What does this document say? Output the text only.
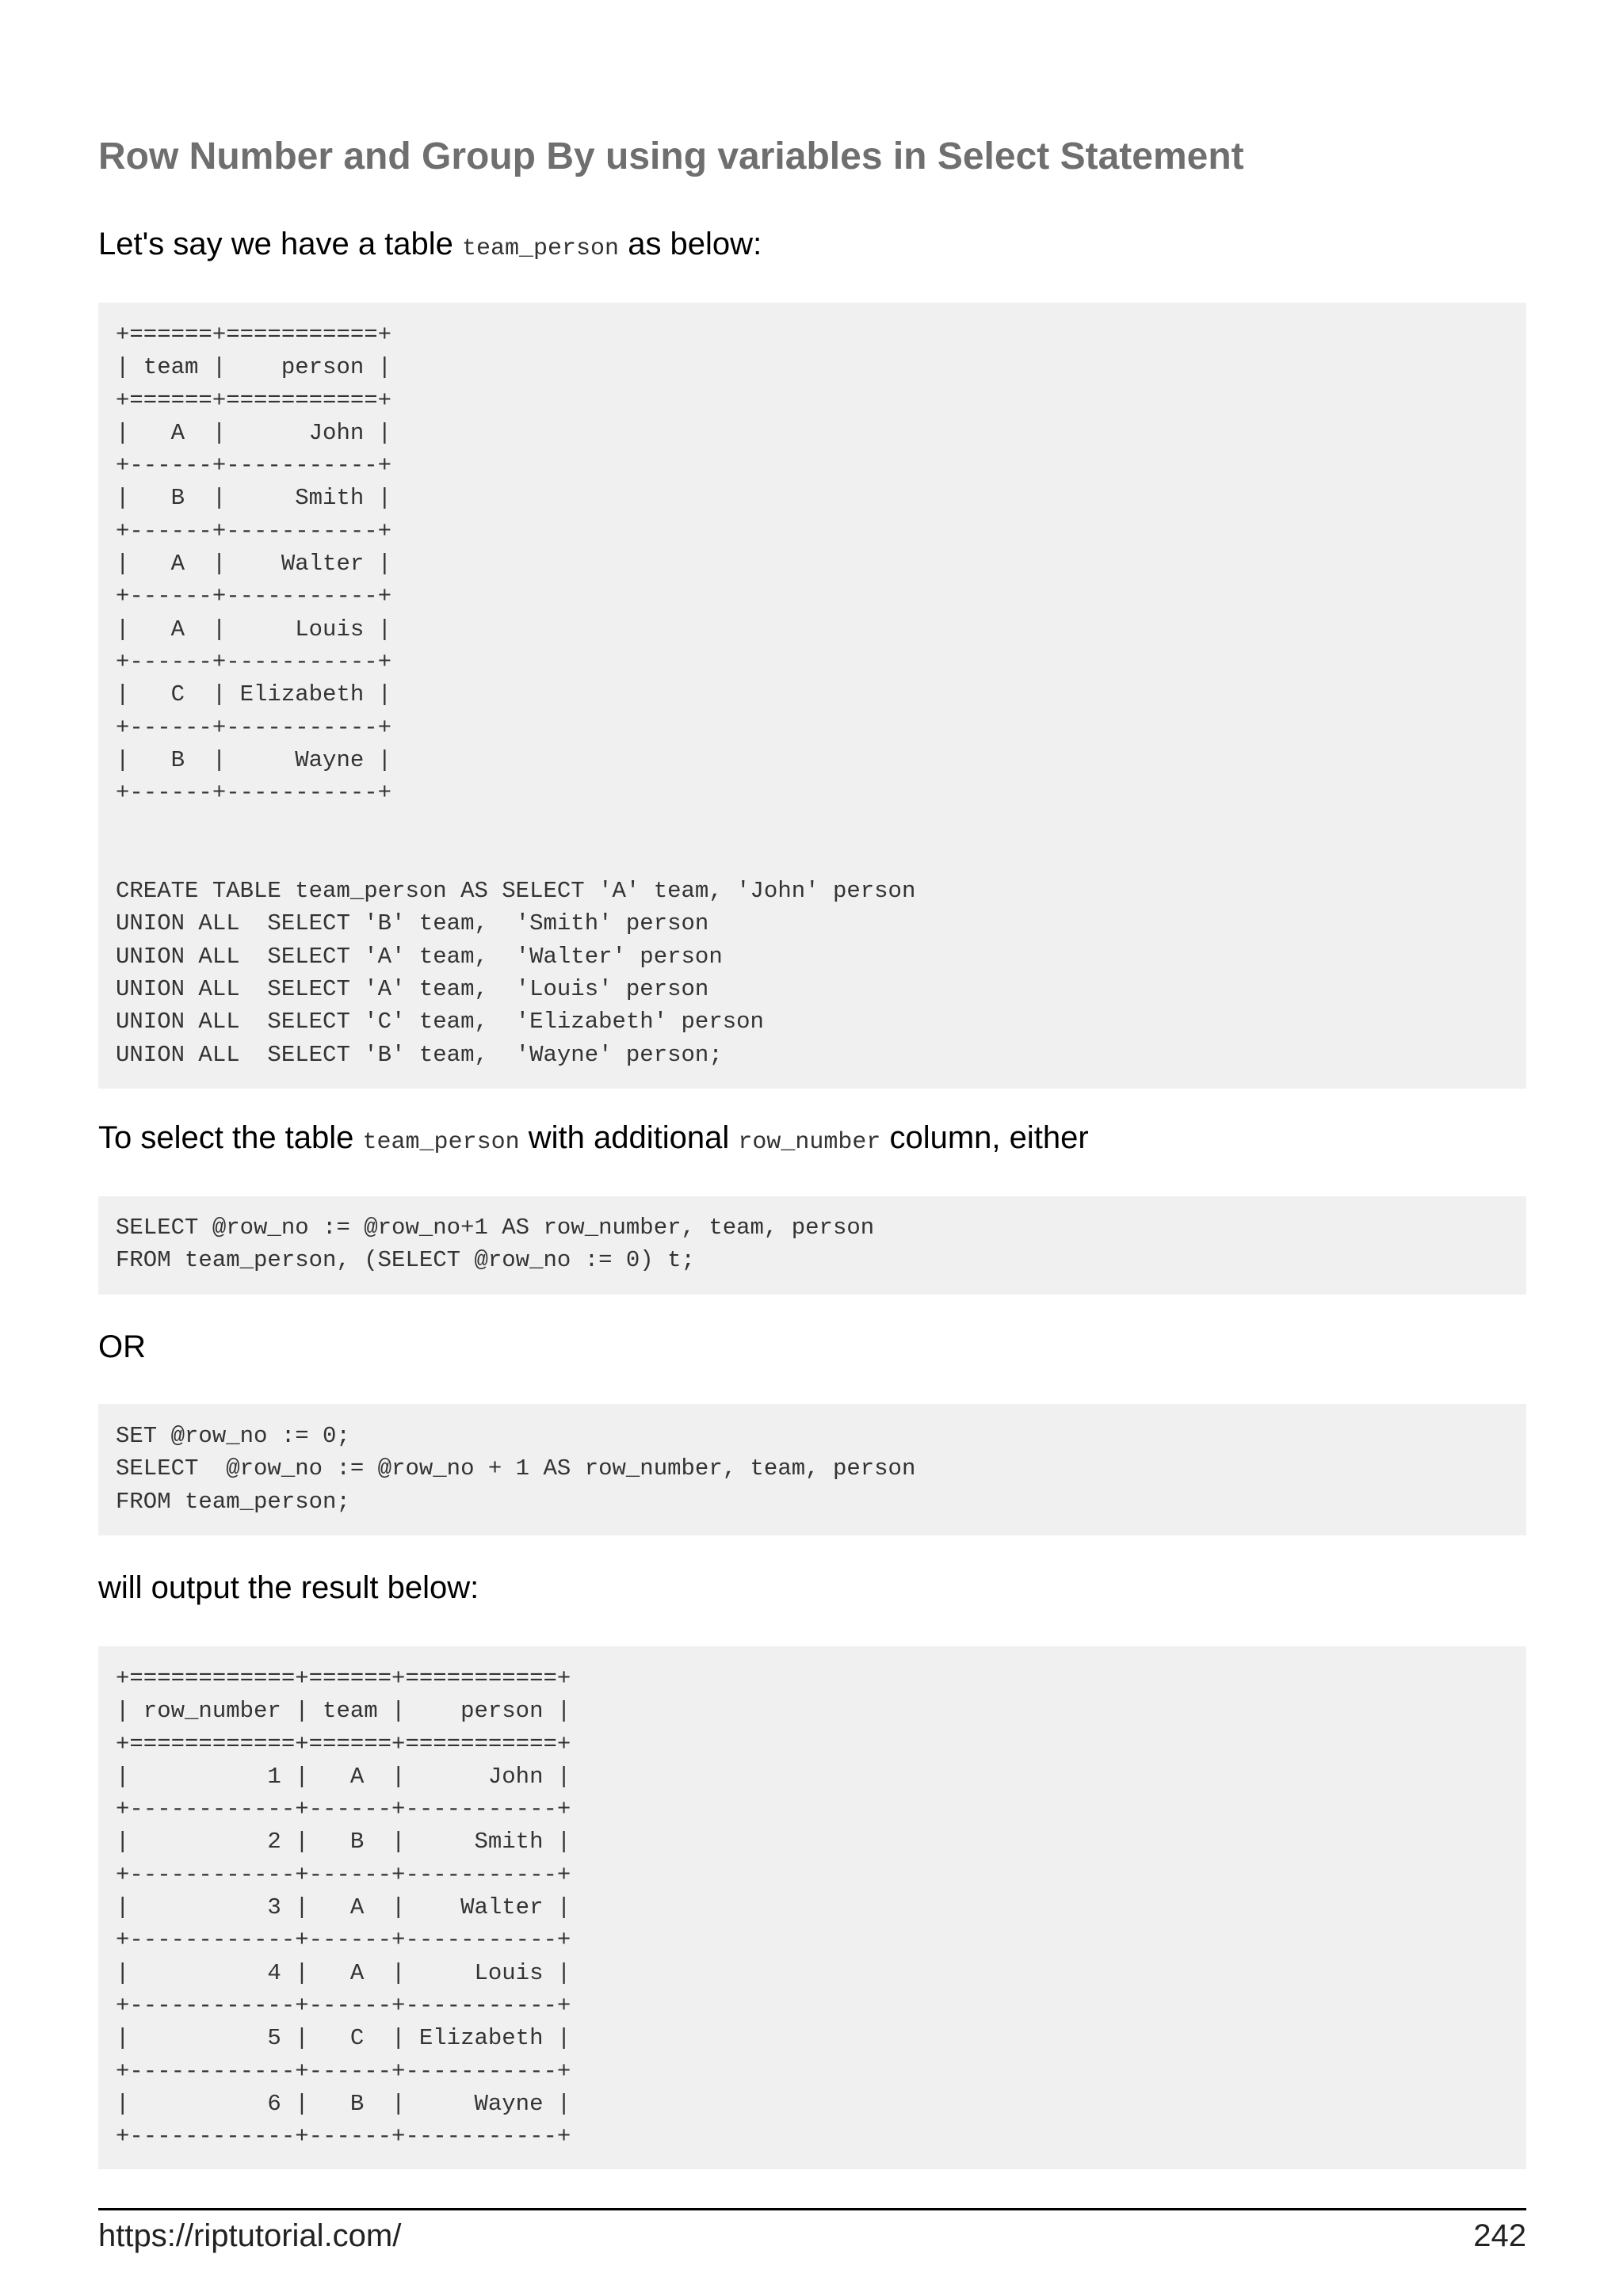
Row Number and Group By using variables in Select Statement

Let's say we have a table team_person as below:

+======+===========+
| team |    person |
+======+===========+
|   A  |      John |
+------+-----------+
|   B  |     Smith |
+------+-----------+
|   A  |    Walter |
+------+-----------+
|   A  |     Louis |
+------+-----------+
|   C  | Elizabeth |
+------+-----------+
|   B  |     Wayne |
+------+-----------+

CREATE TABLE team_person AS SELECT 'A' team, 'John' person
UNION ALL  SELECT 'B' team,  'Smith' person
UNION ALL  SELECT 'A' team,  'Walter' person
UNION ALL  SELECT 'A' team,  'Louis' person
UNION ALL  SELECT 'C' team,  'Elizabeth' person
UNION ALL  SELECT 'B' team,  'Wayne' person;

To select the table team_person with additional row_number column, either

SELECT @row_no := @row_no+1 AS row_number, team, person
FROM team_person, (SELECT @row_no := 0) t;

OR

SET @row_no := 0;
SELECT  @row_no := @row_no + 1 AS row_number, team, person
FROM team_person;

will output the result below:

+============+======+===========+
| row_number | team |    person |
+============+======+===========+
|          1 |   A  |      John |
+------------+------+-----------+
|          2 |   B  |     Smith |
+------------+------+-----------+
|          3 |   A  |    Walter |
+------------+------+-----------+
|          4 |   A  |     Louis |
+------------+------+-----------+
|          5 |   C  | Elizabeth |
+------------+------+-----------+
|          6 |   B  |     Wayne |
+------------+------+-----------+
https://riptutorial.com/	242
